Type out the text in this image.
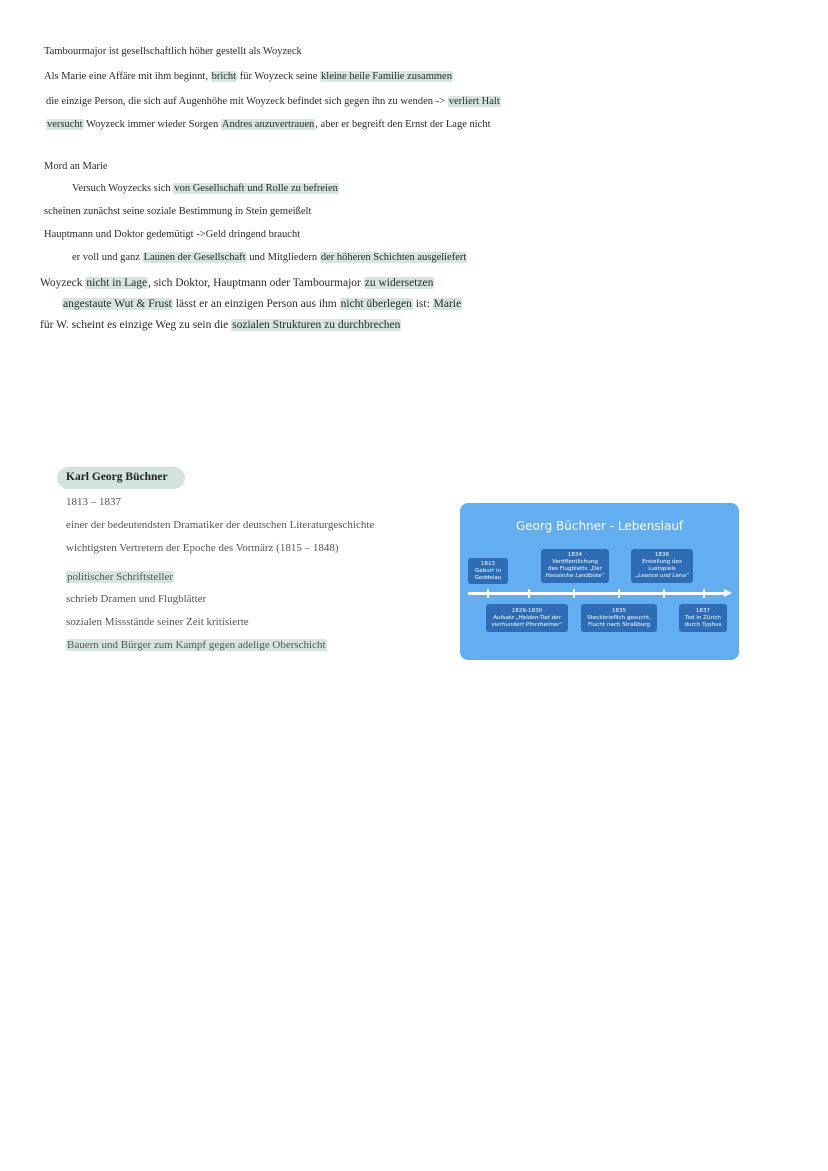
Tambourmajor ist gesellschaftlich höher gestellt als Woyzeck
Als Marie eine Affäre mit ihm beginnt, bricht für Woyzeck seine kleine heile Familie zusammen
die einzige Person, die sich auf Augenhöhe mit Woyzeck befindet sich gegen ihn zu wenden -> verliert Halt
versucht Woyzeck immer wieder Sorgen Andres anzuvertrauen, aber er begreift den Ernst der Lage nicht
Mord an Marie
Versuch Woyzecks sich von Gesellschaft und Rolle zu befreien
scheinen zunächst seine soziale Bestimmung in Stein gemeißelt
Hauptmann und Doktor gedemütigt ->Geld dringend braucht
er voll und ganz Launen der Gesellschaft und Mitgliedern der höheren Schichten ausgeliefert
Woyzeck nicht in Lage, sich Doktor, Hauptmann oder Tambourmajor zu widersetzen
angestaute Wut & Frust lässt er an einzigen Person aus ihm nicht überlegen ist: Marie
für W. scheint es einzige Weg zu sein die sozialen Strukturen zu durchbrechen
Karl Georg Büchner
1813 – 1837
einer der bedeutendsten Dramatiker der deutschen Literaturgeschichte
wichtigsten Vertretern der Epoche des Vormärz (1815 – 1848)
politischer Schriftsteller
schrieb Dramen und Flugblätter
sozialen Missstände seiner Zeit kritisierte
Bauern und Bürger zum Kampf gegen adelige Oberschicht
Georg Büchner - Lebenslauf
1813
Geburt in
Goddelau
1834
Veröffentlichung
des Flugblatts „Der
Hessische Landbote“
1836
Erstellung des
Lustspiels
„Leonce und Lena“
1829-1830
Aufsatz „Helden-Tod der
vierhundert Pforzheimer“
1835
Steckbrieflich gesucht,
Flucht nach Straßburg
1837
Tod in Zürich
durch Typhus
